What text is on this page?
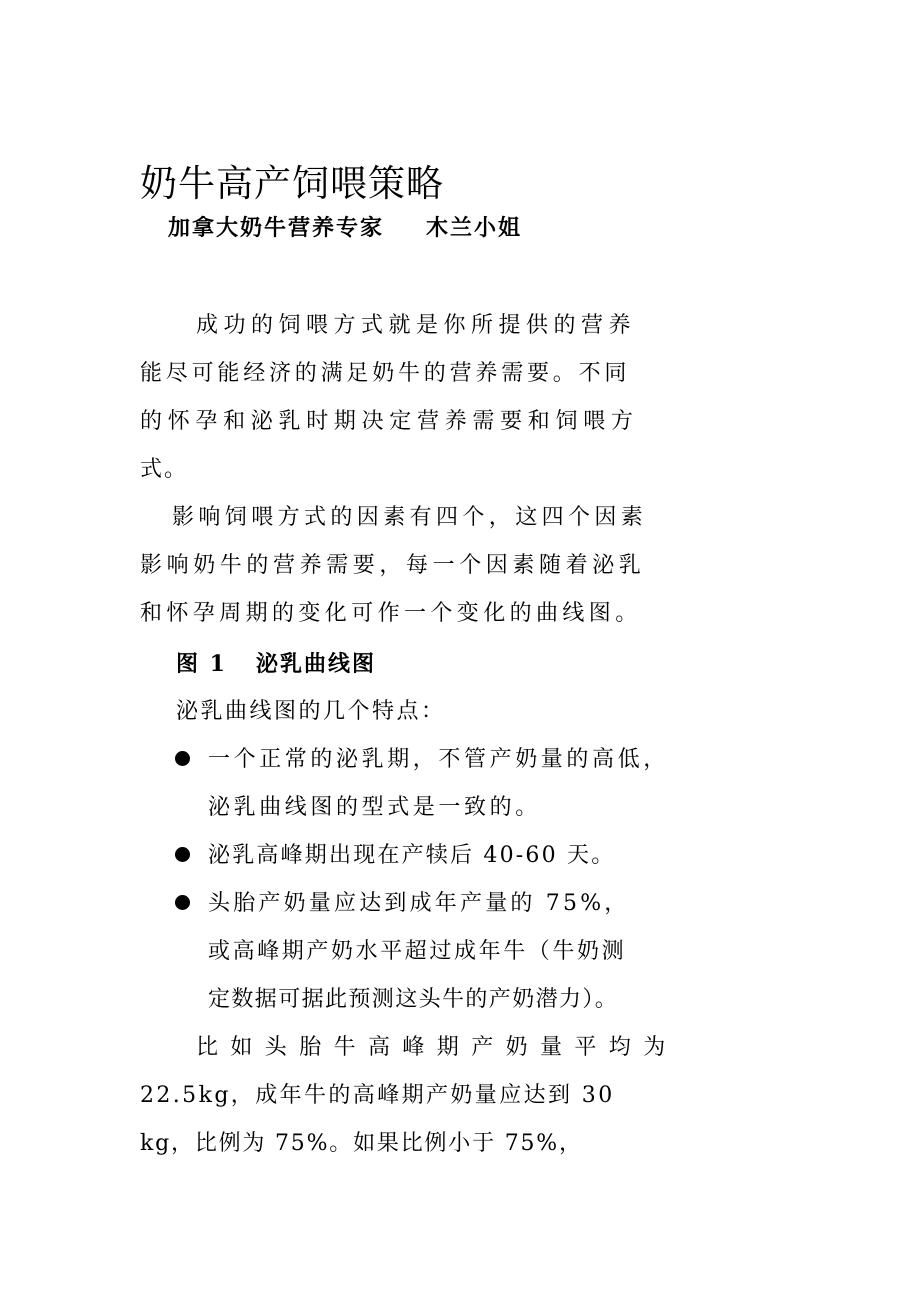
奶牛高产饲喂策略
加拿大奶牛营养专家 木兰小姐
成功的饲喂方式就是你所提供的营养
能尽可能经济的满足奶牛的营养需要。不同
的怀孕和泌乳时期决定营养需要和饲喂方
式。
影响饲喂方式的因素有四个，这四个因素
影响奶牛的营养需要，每一个因素随着泌乳
和怀孕周期的变化可作一个变化的曲线图。
图 1   泌乳曲线图
泌乳曲线图的几个特点：
一个正常的泌乳期，不管产奶量的高低，
泌乳曲线图的型式是一致的。
泌乳高峰期出现在产犊后 40-60 天。
头胎产奶量应达到成年产量的 75%，
或高峰期产奶水平超过成年牛（牛奶测
定数据可据此预测这头牛的产奶潜力）。
比如头胎牛高峰期产奶量平均为
22.5kg，成年牛的高峰期产奶量应达到 30
kg，比例为 75%。如果比例小于 75%，
